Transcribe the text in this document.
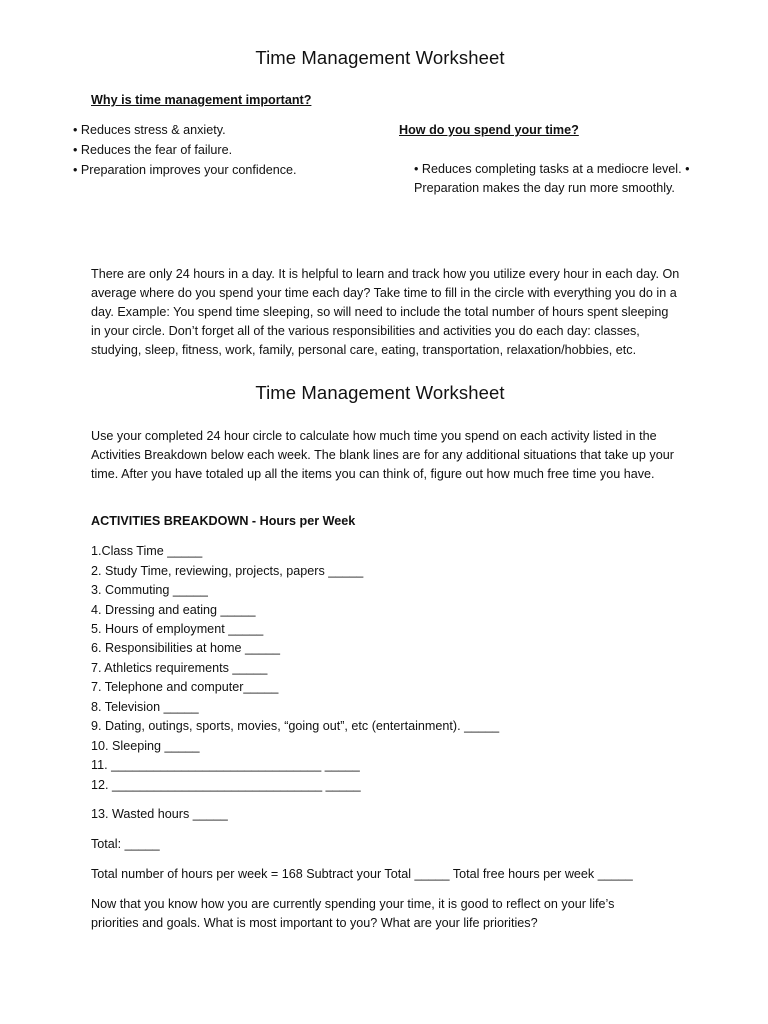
Time Management Worksheet
Why is time management important?
• Reduces stress & anxiety.
• Reduces the fear of failure.
• Preparation improves your confidence.
How do you spend your time?
• Reduces completing tasks at a mediocre level. •
Preparation makes the day run more smoothly.
There are only 24 hours in a day. It is helpful to learn and track how you utilize every hour in each day. On average where do you spend your time each day? Take time to fill in the circle with everything you do in a day. Example: You spend time sleeping, so will need to include the total number of hours spent sleeping in your circle. Don’t forget all of the various responsibilities and activities you do each day: classes, studying, sleep, fitness, work, family, personal care, eating, transportation, relaxation/hobbies, etc.
Time Management Worksheet
Use your completed 24 hour circle to calculate how much time you spend on each activity listed in the Activities Breakdown below each week. The blank lines are for any additional situations that take up your time. After you have totaled up all the items you can think of, figure out how much free time you have.
ACTIVITIES BREAKDOWN - Hours per Week
1.Class Time _____
2. Study Time, reviewing, projects, papers _____
3. Commuting _____
4. Dressing and eating _____
5. Hours of employment _____
6. Responsibilities at home _____
7. Athletics requirements _____
7. Telephone and computer_____
8. Television _____
9. Dating, outings, sports, movies, “going out”, etc (entertainment). _____
10. Sleeping _____
11. ______________________________ _____
12. ______________________________ _____
13. Wasted hours _____
Total: _____
Total number of hours per week = 168 Subtract your Total _____ Total free hours per week _____
Now that you know how you are currently spending your time, it is good to reflect on your life’s priorities and goals. What is most important to you? What are your life priorities?
